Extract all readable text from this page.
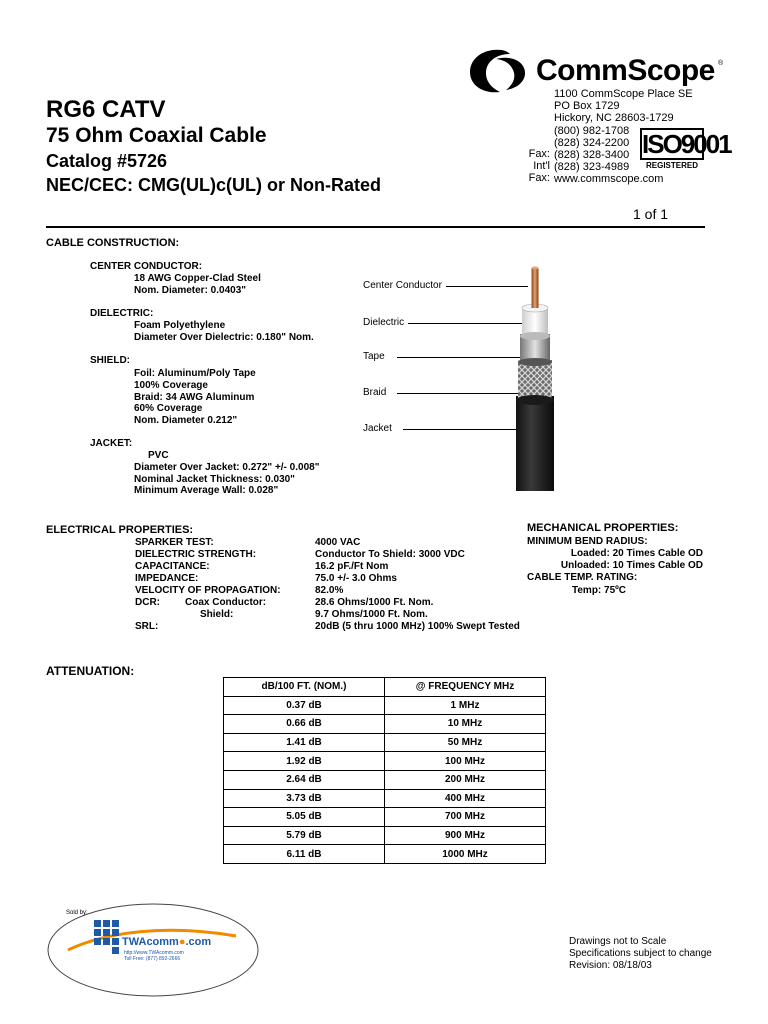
RG6 CATV
75 Ohm Coaxial Cable
Catalog #5726
NEC/CEC: CMG(UL)c(UL) or Non-Rated
CommScope ®
1100 CommScope Place SE
PO Box 1729
Hickory, NC 28603-1729
(800) 982-1708
(828) 324-2200
(828) 328-3400
(828) 323-4989
www.commscope.com
Fax:
Int'l Fax:
ISO9001
REGISTERED
1 of 1
CABLE CONSTRUCTION:
CENTER CONDUCTOR:
18 AWG Copper-Clad Steel
Nom. Diameter: 0.0403"
DIELECTRIC:
Foam Polyethylene
Diameter Over Dielectric: 0.180" Nom.
SHIELD:
Foil: Aluminum/Poly Tape
100% Coverage
Braid: 34 AWG Aluminum
60% Coverage
Nom. Diameter 0.212"
JACKET:
PVC
Diameter Over Jacket: 0.272" +/- 0.008"
Nominal Jacket Thickness: 0.030"
Minimum Average Wall: 0.028"
Center Conductor
Dielectric
Tape
Braid
Jacket
ELECTRICAL PROPERTIES:
SPARKER TEST:	4000 VAC
DIELECTRIC STRENGTH:	Conductor To Shield: 3000 VDC
CAPACITANCE:	16.2 pF./Ft Nom
IMPEDANCE:	75.0 +/- 3.0 Ohms
VELOCITY OF PROPAGATION:	82.0%
DCR:	Coax Conductor:	28.6 Ohms/1000 Ft. Nom.
Shield:	9.7 Ohms/1000 Ft. Nom.
SRL:	20dB (5 thru 1000 MHz) 100% Swept Tested
MECHANICAL PROPERTIES:
MINIMUM BEND RADIUS:
Loaded: 20 Times Cable OD
Unloaded: 10 Times Cable OD
CABLE TEMP. RATING:
Temp: 75ºC
ATTENUATION:
dB/100 FT. (NOM.)	@ FREQUENCY MHz
0.37 dB	1 MHz
0.66 dB	10 MHz
1.41 dB	50 MHz
1.92 dB	100 MHz
2.64 dB	200 MHz
3.73 dB	400 MHz
5.05 dB	700 MHz
5.79 dB	900 MHz
6.11 dB	1000 MHz
Sold by:
TWAcomm●.com
http://www.TWAcomm.com
Toll Free: (877) 892-2666
Drawings not to Scale
Specifications subject to change
Revision: 08/18/03
